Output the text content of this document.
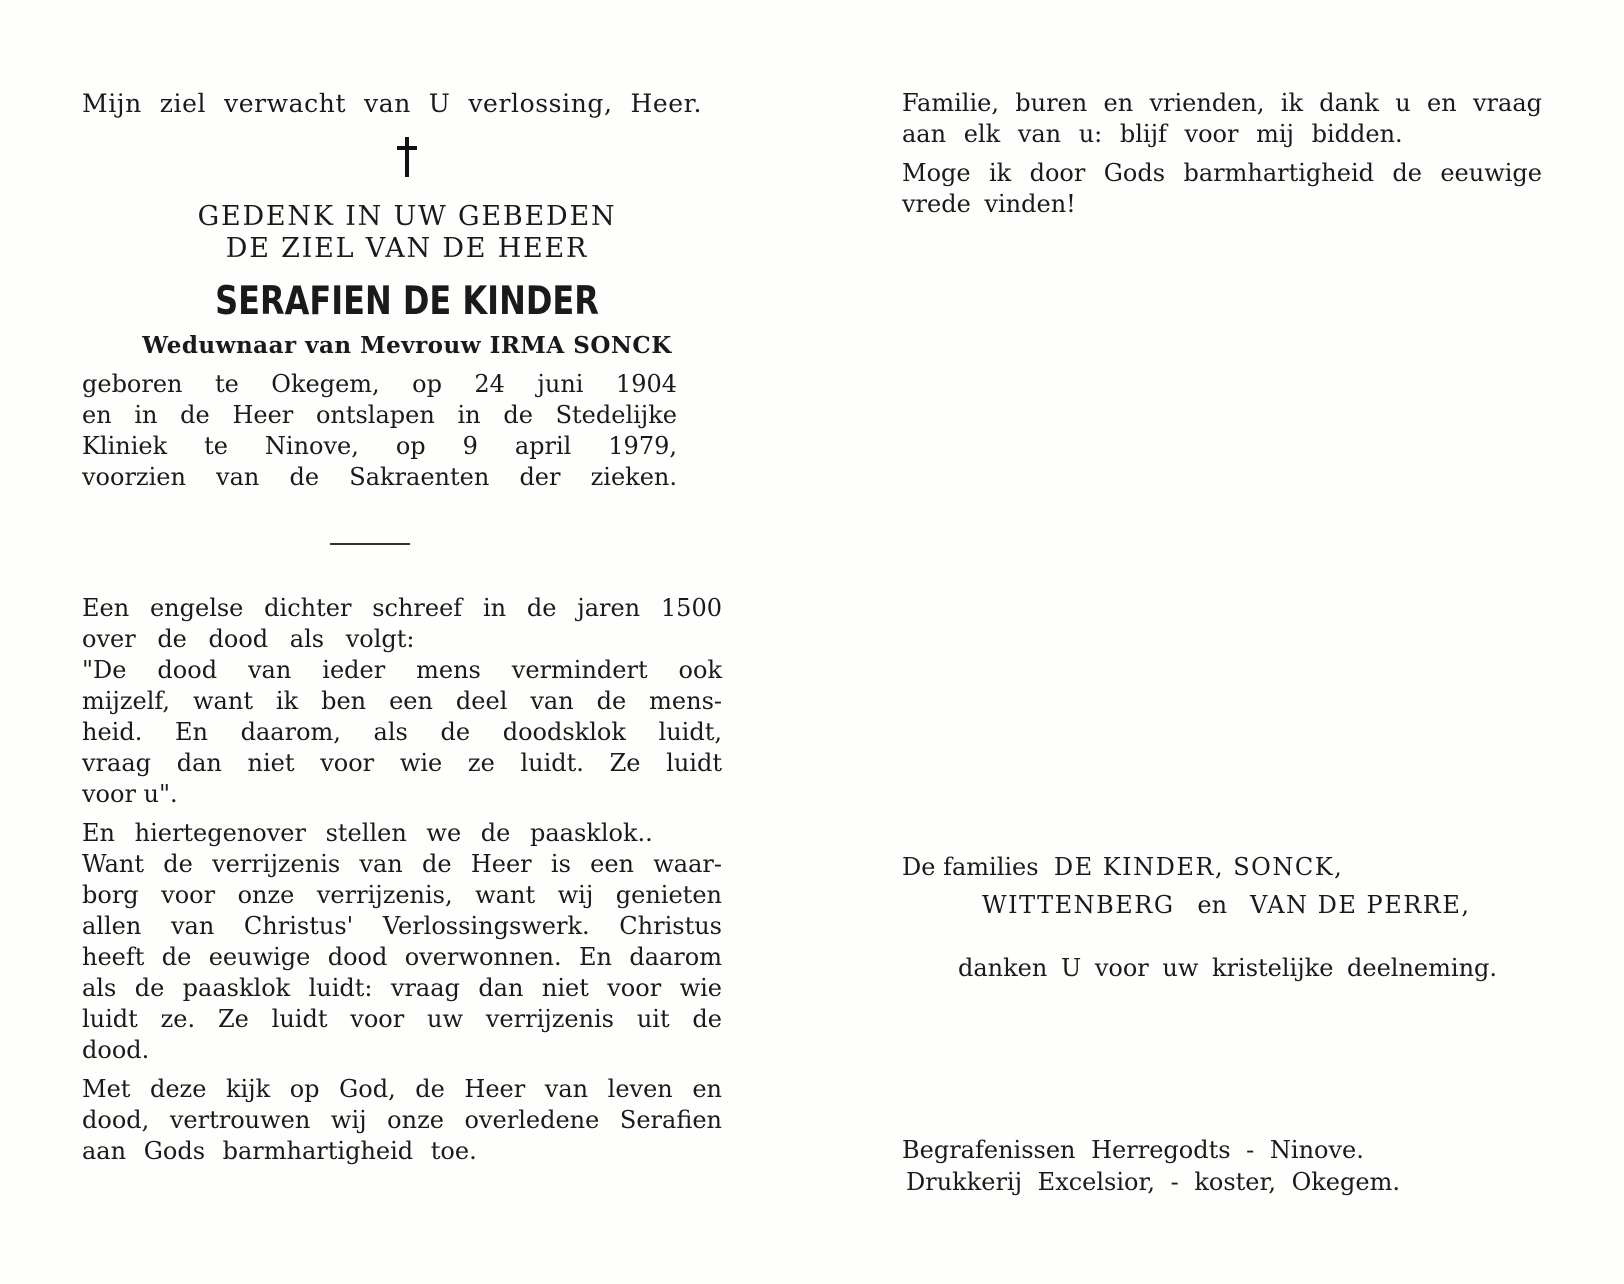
Mijn ziel verwacht van U verlossing, Heer.

GEDENK IN UW GEBEDEN
DE ZIEL VAN DE HEER
SERAFIEN DE KINDER
Weduwnaar van Mevrouw IRMA SONCK

geboren te Okegem, op 24 juni 1904

en in de Heer ontslapen in de Stedelijke

Kliniek te Ninove, op 9 april 1979,

voorzien van de Sakraenten der zieken.

Een engelse dichter schreef in de jaren 1500

over de dood als volgt:

"De dood van ieder mens vermindert ook

mijzelf, want ik ben een deel van de mens-

heid. En daarom, als de doodsklok luidt,

vraag dan niet voor wie ze luidt. Ze luidt

voor u".

En hiertegenover stellen we de paasklok..

Want de verrijzenis van de Heer is een waar-

borg voor onze verrijzenis, want wij genieten

allen van Christus' Verlossingswerk. Christus

heeft de eeuwige dood overwonnen. En daarom

als de paasklok luidt: vraag dan niet voor wie

luidt ze. Ze luidt voor uw verrijzenis uit de

dood.

Met deze kijk op God, de Heer van leven en

dood, vertrouwen wij onze overledene Serafien

aan Gods barmhartigheid toe.

Familie, buren en vrienden, ik dank u en vraag

aan elk van u: blijf voor mij bidden.

Moge ik door Gods barmhartigheid de eeuwige

vrede vinden!

De families DE KINDER, SONCK,
WITTENBERG en VAN DE PERRE,
danken U voor uw kristelijke deelneming.
Begrafenissen Herregodts - Ninove.
Drukkerij Excelsior, - koster, Okegem.
